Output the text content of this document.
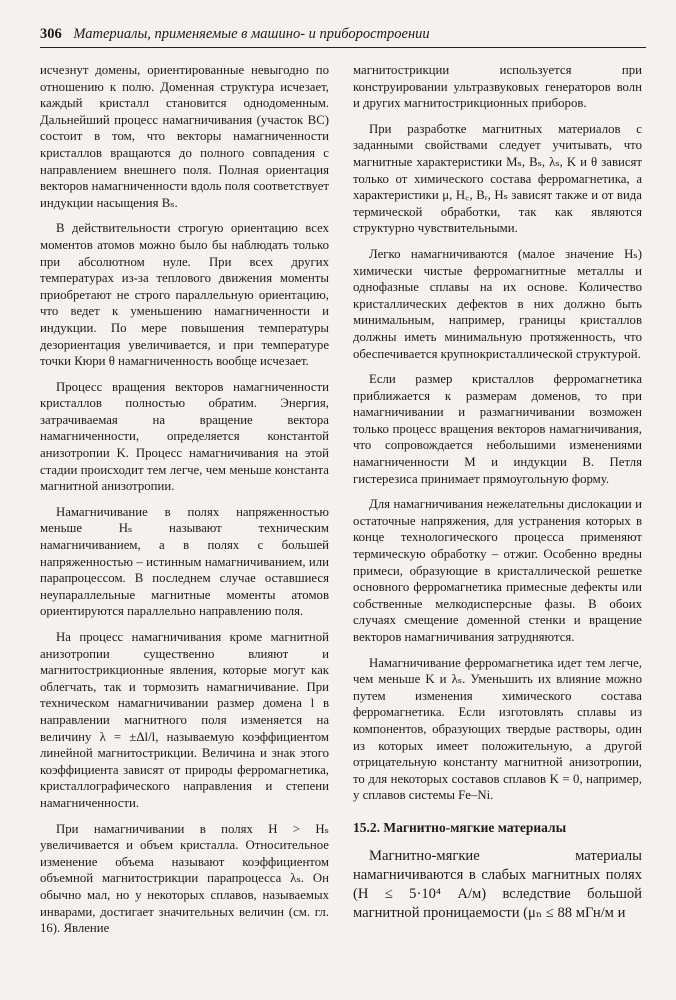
306 Материалы, применяемые в машино- и приборостроении

исчезнут домены, ориентированные невыгодно по отношению к полю. Доменная структура исчезает, каждый кристалл становится однодоменным. Дальнейший процесс намагничивания (участок BC) состоит в том, что векторы намагниченности кристаллов вращаются до полного совпадения с направлением внешнего поля. Полная ориентация векторов намагниченности вдоль поля соответствует индукции насыщения Bₛ.

В действительности строгую ориентацию всех моментов атомов можно было бы наблюдать только при абсолютном нуле. При всех других температурах из-за теплового движения моменты приобретают не строго параллельную ориентацию, что ведет к уменьшению намагниченности и индукции. По мере повышения температуры дезориентация увеличивается, и при температуре точки Кюри θ намагниченность вообще исчезает.

Процесс вращения векторов намагниченности кристаллов полностью обратим. Энергия, затрачиваемая на вращение вектора намагниченности, определяется константой анизотропии K. Процесс намагничивания на этой стадии происходит тем легче, чем меньше константа магнитной анизотропии.

Намагничивание в полях напряженностью меньше Hₛ называют техническим намагничиванием, а в полях с большей напряженностью – истинным намагничиванием, или парапроцессом. В последнем случае оставшиеся неупараллельные магнитные моменты атомов ориентируются параллельно направлению поля.

На процесс намагничивания кроме магнитной анизотропии существенно влияют и магнитострикционные явления, которые могут как облегчать, так и тормозить намагничивание. При техническом намагничивании размер домена l в направлении магнитного поля изменяется на величину λ = ±Δl/l, называемую коэффициентом линейной магнитострикции. Величина и знак этого коэффициента зависят от природы ферромагнетика, кристаллографического направления и степени намагниченности.

При намагничивании в полях H > Hₛ увеличивается и объем кристалла. Относительное изменение объема называют коэффициентом объемной магнитострикции парапроцесса λₛ. Он обычно мал, но у некоторых сплавов, называемых инварами, достигает значительных величин (см. гл. 16). Явление

магнитострикции используется при конструировании ультразвуковых генераторов волн и других магнитострикционных приборов.

При разработке магнитных материалов с заданными свойствами следует учитывать, что магнитные характеристики Mₛ, Bₛ, λₛ, K и θ зависят только от химического состава ферромагнетика, а характеристики μ, H꜀, Bᵣ, Hₛ зависят также и от вида термической обработки, так как являются структурно чувствительными.

Легко намагничиваются (малое значение Hₛ) химически чистые ферромагнитные металлы и однофазные сплавы на их основе. Количество кристаллических дефектов в них должно быть минимальным, например, границы кристаллов должны иметь минимальную протяженность, что обеспечивается крупнокристаллической структурой.

Если размер кристаллов ферромагнетика приближается к размерам доменов, то при намагничивании и размагничивании возможен только процесс вращения векторов намагничивания, что сопровождается небольшими изменениями намагниченности M и индукции B. Петля гистерезиса принимает прямоугольную форму.

Для намагничивания нежелательны дислокации и остаточные напряжения, для устранения которых в конце технологического процесса применяют термическую обработку – отжиг. Особенно вредны примеси, образующие в кристаллической решетке основного ферромагнетика примесные дефекты или собственные мелкодисперсные фазы. В обоих случаях смещение доменной стенки и вращение векторов намагничивания затрудняются.

Намагничивание ферромагнетика идет тем легче, чем меньше K и λₛ. Уменьшить их влияние можно путем изменения химического состава ферромагнетика. Если изготовлять сплавы из компонентов, образующих твердые растворы, один из которых имеет положительную, а другой отрицательную константу магнитной анизотропии, то для некоторых составов сплавов K = 0, например, у сплавов системы Fe–Ni.

15.2. Магнитно-мягкие материалы

Магнитно-мягкие материалы намагничиваются в слабых магнитных полях (H ≤ 5·10⁴ А/м) вследствие большой магнитной проницаемости (μₙ ≤ 88 мГн/м и
